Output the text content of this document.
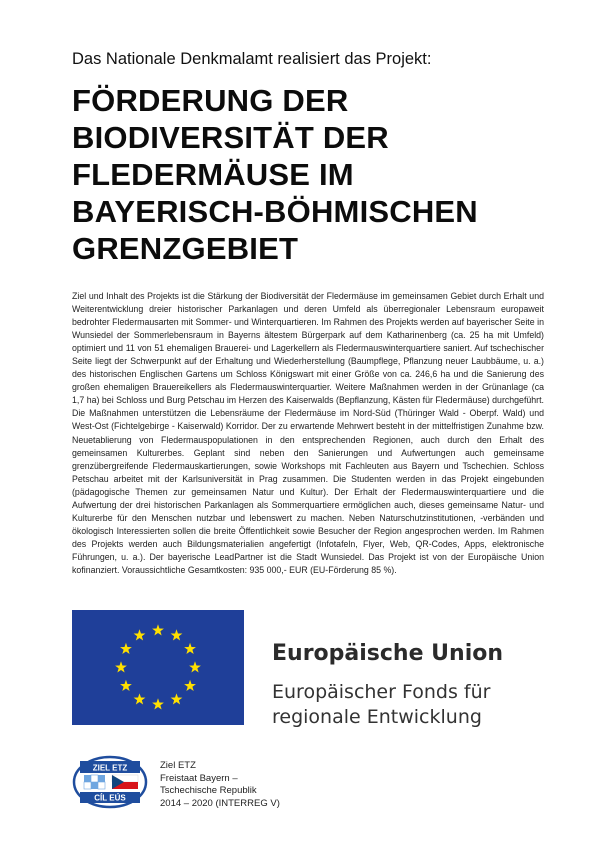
Das Nationale Denkmalamt realisiert das Projekt:
FÖRDERUNG DER
BIODIVERSITÄT DER
FLEDERMÄUSE IM
BAYERISCH-BÖHMISCHEN
GRENZGEBIET
Ziel und Inhalt des Projekts ist die Stärkung der Biodiversität der Fledermäuse im gemeinsamen Gebiet durch Erhalt und Weiterentwicklung dreier historischer Parkanlagen und deren Umfeld als überregionaler Lebensraum europaweit bedrohter Fledermausarten mit Sommer- und Winterquartieren. Im Rahmen des Projekts werden auf bayerischer Seite in Wunsiedel der Sommerlebensraum in Bayerns ältestem Bürgerpark auf dem Katharinenberg (ca. 25 ha mit Umfeld) optimiert und 11 von 51 ehemaligen Brauerei- und Lagerkellern als Fledermauswinterquartiere saniert. Auf tschechischer Seite liegt der Schwerpunkt auf der Erhaltung und Wiederherstellung (Baumpflege, Pflanzung neuer Laubbäume, u. a.) des historischen Englischen Gartens um Schloss Königswart mit einer Größe von ca. 246,6 ha und die Sanierung des großen ehemaligen Brauereikellers als Fledermauswinterquartier. Weitere Maßnahmen werden in der Grünanlage (ca 1,7 ha) bei Schloss und Burg Petschau im Herzen des Kaiserwalds (Bepflanzung, Kästen für Fledermäuse) durchgeführt. Die Maßnahmen unterstützen die Lebensräume der Fledermäuse im Nord-Süd (Thüringer Wald - Oberpf. Wald) und West-Ost (Fichtelgebirge - Kaiserwald) Korridor. Der zu erwartende Mehrwert besteht in der mittelfristigen Zunahme bzw. Neuetablierung von Fledermauspopulationen in den entsprechenden Regionen, auch durch den Erhalt des gemeinsamen Kulturerbes. Geplant sind neben den Sanierungen und Aufwertungen auch gemeinsame grenzübergreifende Fledermauskartierungen, sowie Workshops mit Fachleuten aus Bayern und Tschechien. Schloss Petschau arbeitet mit der Karlsuniversität in Prag zusammen. Die Studenten werden in das Projekt eingebunden (pädagogische Themen zur gemeinsamen Natur und Kultur). Der Erhalt der Fledermauswinterquartiere und die Aufwertung der drei historischen Parkanlagen als Sommerquartiere ermöglichen auch, dieses gemeinsame Natur- und Kulturerbe für den Menschen nutzbar und lebenswert zu machen. Neben Naturschutzinstitutionen, -verbänden und ökologisch Interessierten sollen die breite Öffentlichkeit sowie Besucher der Region angesprochen werden. Im Rahmen des Projekts werden auch Bildungsmaterialien angefertigt (Infotafeln, Flyer, Web, QR-Codes, Apps, elektronische Führungen, u. a.). Der bayerische LeadPartner ist die Stadt Wunsiedel. Das Projekt ist von der Europäische Union kofinanziert. Voraussichtliche Gesamtkosten: 935 000,- EUR (EU-Förderung 85 %).
Europäische Union
Europäischer Fonds für
regionale Entwicklung
ZIEL ETZ
CÍL EÚS
Ziel ETZ
Freistaat Bayern –
Tschechische Republik
2014 – 2020 (INTERREG V)
